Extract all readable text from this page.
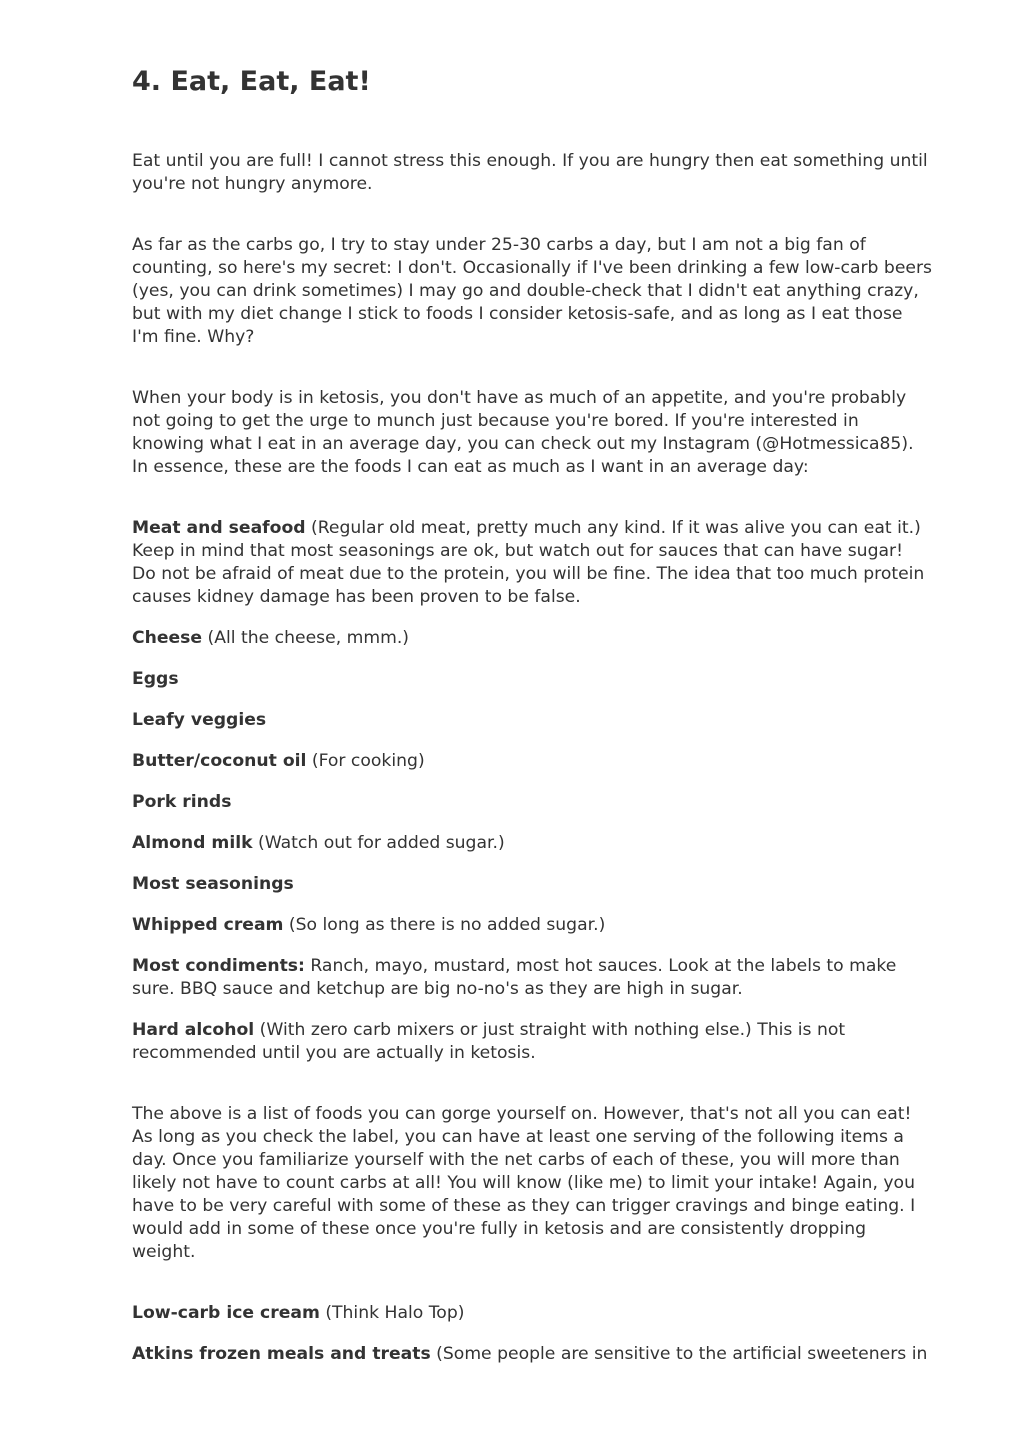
4. Eat, Eat, Eat!

Eat until you are full! I cannot stress this enough. If you are hungry then eat something until you're not hungry anymore.

As far as the carbs go, I try to stay under 25-30 carbs a day, but I am not a big fan of counting, so here's my secret: I don't. Occasionally if I've been drinking a few low-carb beers (yes, you can drink sometimes) I may go and double-check that I didn't eat anything crazy, but with my diet change I stick to foods I consider ketosis-safe, and as long as I eat those I'm fine. Why?

When your body is in ketosis, you don't have as much of an appetite, and you're probably not going to get the urge to munch just because you're bored. If you're interested in knowing what I eat in an average day, you can check out my Instagram (@Hotmessica85). In essence, these are the foods I can eat as much as I want in an average day:

Meat and seafood (Regular old meat, pretty much any kind. If it was alive you can eat it.) Keep in mind that most seasonings are ok, but watch out for sauces that can have sugar! Do not be afraid of meat due to the protein, you will be fine. The idea that too much protein causes kidney damage has been proven to be false.

Cheese (All the cheese, mmm.)

Eggs

Leafy veggies

Butter/coconut oil (For cooking)

Pork rinds

Almond milk (Watch out for added sugar.)

Most seasonings

Whipped cream (So long as there is no added sugar.)

Most condiments: Ranch, mayo, mustard, most hot sauces. Look at the labels to make sure. BBQ sauce and ketchup are big no-no's as they are high in sugar.

Hard alcohol (With zero carb mixers or just straight with nothing else.) This is not recommended until you are actually in ketosis.

The above is a list of foods you can gorge yourself on. However, that's not all you can eat! As long as you check the label, you can have at least one serving of the following items a day. Once you familiarize yourself with the net carbs of each of these, you will more than likely not have to count carbs at all! You will know (like me) to limit your intake! Again, you have to be very careful with some of these as they can trigger cravings and binge eating. I would add in some of these once you're fully in ketosis and are consistently dropping weight.

Low-carb ice cream (Think Halo Top)

Atkins frozen meals and treats (Some people are sensitive to the artificial sweeteners in
